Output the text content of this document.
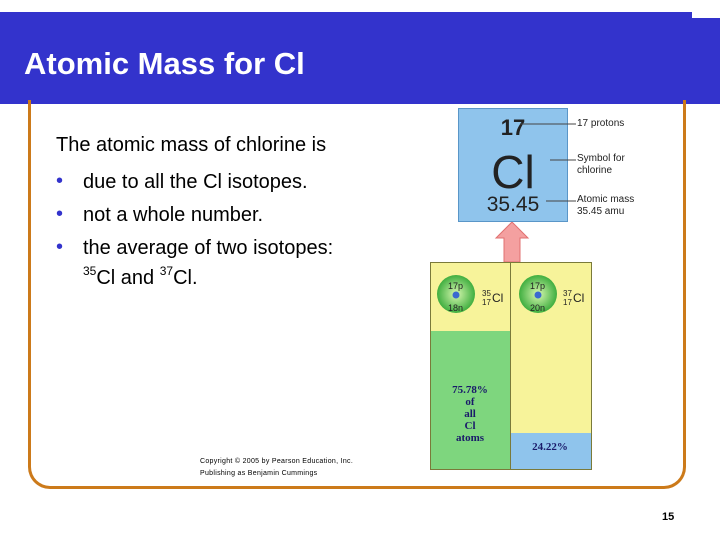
Atomic Mass for Cl
The atomic mass of chlorine is
• due to all the Cl isotopes.
• not a whole number.
• the average of two isotopes:
$^{35}$Cl and $^{37}$Cl.
17
Cl
35.45
17 protons
Symbol for
chlorine
Atomic mass
35.45 amu
17p
18n
35
17 Cl
17p
20n
37
17 Cl
75.78%
of
all
Cl
atoms
24.22%
Copyright © 2005 by Pearson Education, Inc.
Publishing as Benjamin Cummings
15
